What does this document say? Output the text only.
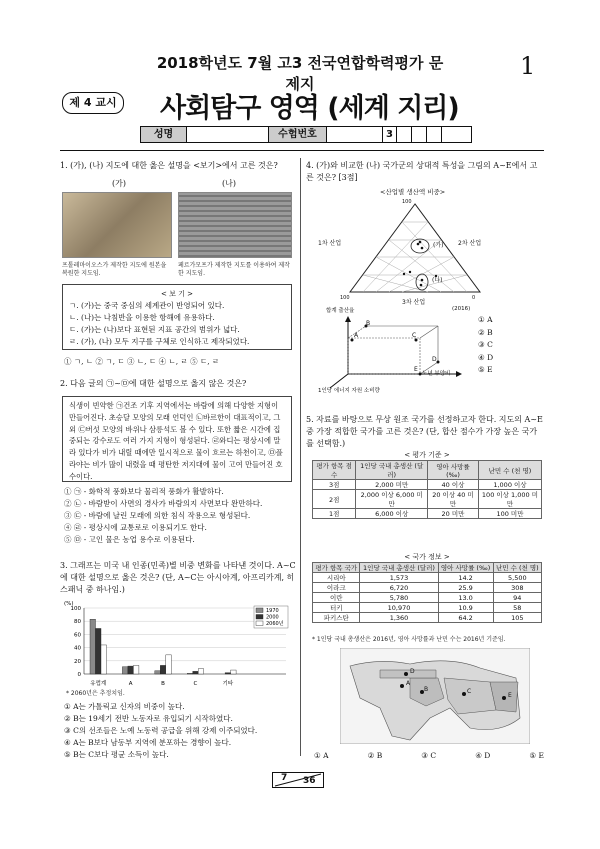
2018학년도 7월 고3 전국연합학력평가 문제지
1
제 4 교시 사회탐구 영역 (세계 지리)
성명	수험번호	3
1. (가), (나) 지도에 대한 옳은 설명을 <보기>에서 고른 것은?
(가)	(나)
프톨레마이오스가 제작한 지도에 원본을 복원한 지도임.
페르가모프가 제작한 지도를 이용하여 제작한 지도임.
< 보 기 >
ㄱ. (가)는 중국 중심의 세계관이 반영되어 있다.
ㄴ. (나)는 나침반을 이용한 항해에 유용하다.
ㄷ. (가)는 (나)보다 표현된 지표 공간의 범위가 넓다.
ㄹ. (가), (나) 모두 지구를 구체로 인식하고 제작되었다.
① ㄱ, ㄴ ② ㄱ, ㄷ ③ ㄴ, ㄷ ④ ㄴ, ㄹ ⑤ ㄷ, ㄹ
2. 다음 글의 ㉠~㉤에 대한 설명으로 옳지 않은 것은?
식생이 빈약한 ㉠건조 기후 지역에서는 바람에 의해 다양한 지형이 만들어진다. 초승달 모양의 모래 언덕인 ㉡바르한이 대표적이고, 그 외 ㉢버섯 모양의 바위나 삼릉석도 볼 수 있다. 또한 짧은 시간에 집중되는 강수로도 여러 가지 지형이 형성된다. ㉣와디는 평상시에 말라 있다가 비가 내릴 때에만 일시적으로 물이 흐르는 하천이고, ㉤플라야는 비가 많이 내렸을 때 평탄한 저지대에 물이 고여 만들어진 호수이다.
① ㉠ - 화학적 풍화보다 물리적 풍화가 활발하다.
② ㉡ - 바람받이 사면의 경사가 바람의지 사면보다 완만하다.
③ ㉢ - 바람에 날린 모래에 의한 침식 작용으로 형성된다.
④ ㉣ - 평상시에 교통로로 이용되기도 한다.
⑤ ㉤ - 고인 물은 농업 용수로 이용된다.
3. 그래프는 미국 내 인종(민족)별 비중 변화를 나타낸 것이다. A~C에 대한 설명으로 옳은 것은? (단, A~C는 아시아계, 아프리카계, 히스패닉 중 하나임.)
(%)
0
20
40
60
80
100
유럽계	A	B	C	기타
1970
2000
2060년
* 2060년은 추정치임.
① A는 가톨릭교 신자의 비중이 높다.
② B는 19세기 전반 노동자로 유입되기 시작하였다.
③ C의 선조들은 노예 노동력 공급을 위해 강제 이주되었다.
④ A는 B보다 남동부 지역에 분포하는 경향이 높다.
⑤ B는 C보다 평균 소득이 높다.
4. (가)와 비교한 (나) 국가군의 상대적 특성을 그림의 A~E에서 고른 것은? [3점]
<산업별 생산액 비중>
(가)
(나)
1차 산업	2차 산업
3차 산업
(2016)
100
0
100
합계 출산율
노년 부양비
1인당 에너지 자원 소비량
A
B
C
D
E
① A
② B
③ C
④ D
⑤ E
5. 자료를 바탕으로 무상 원조 국가를 선정하고자 한다. 지도의 A~E 중 가장 적합한 국가를 고른 것은? (단, 합산 점수가 가장 높은 국가를 선택함.)
< 평가 기준 >
평가 항목 점수	1인당 국내 총생산 (달러)	영아 사망률 (‰)	난민 수 (천 명)
3점	2,000 미만	40 이상	1,000 이상
2점	2,000 이상 6,000 미만	20 이상 40 미만	100 이상 1,000 미만
1점	6,000 이상	20 미만	100 미만
< 국가 정보 >
평가 항목 국가	1인당 국내 총생산 (달러)	영아 사망률 (‰)	난민 수 (천 명)
시리아	1,573	14.2	5,500
이라크	6,720	25.9	308
이란	5,780	13.0	94
터키	10,970	10.9	58
파키스탄	1,360	64.2	105
* 1인당 국내 총생산은 2016년, 영아 사망률과 난민 수는 2016년 기준임.
A
B	C
D
E
① A	② B	③ C	④ D	⑤ E
7 36
